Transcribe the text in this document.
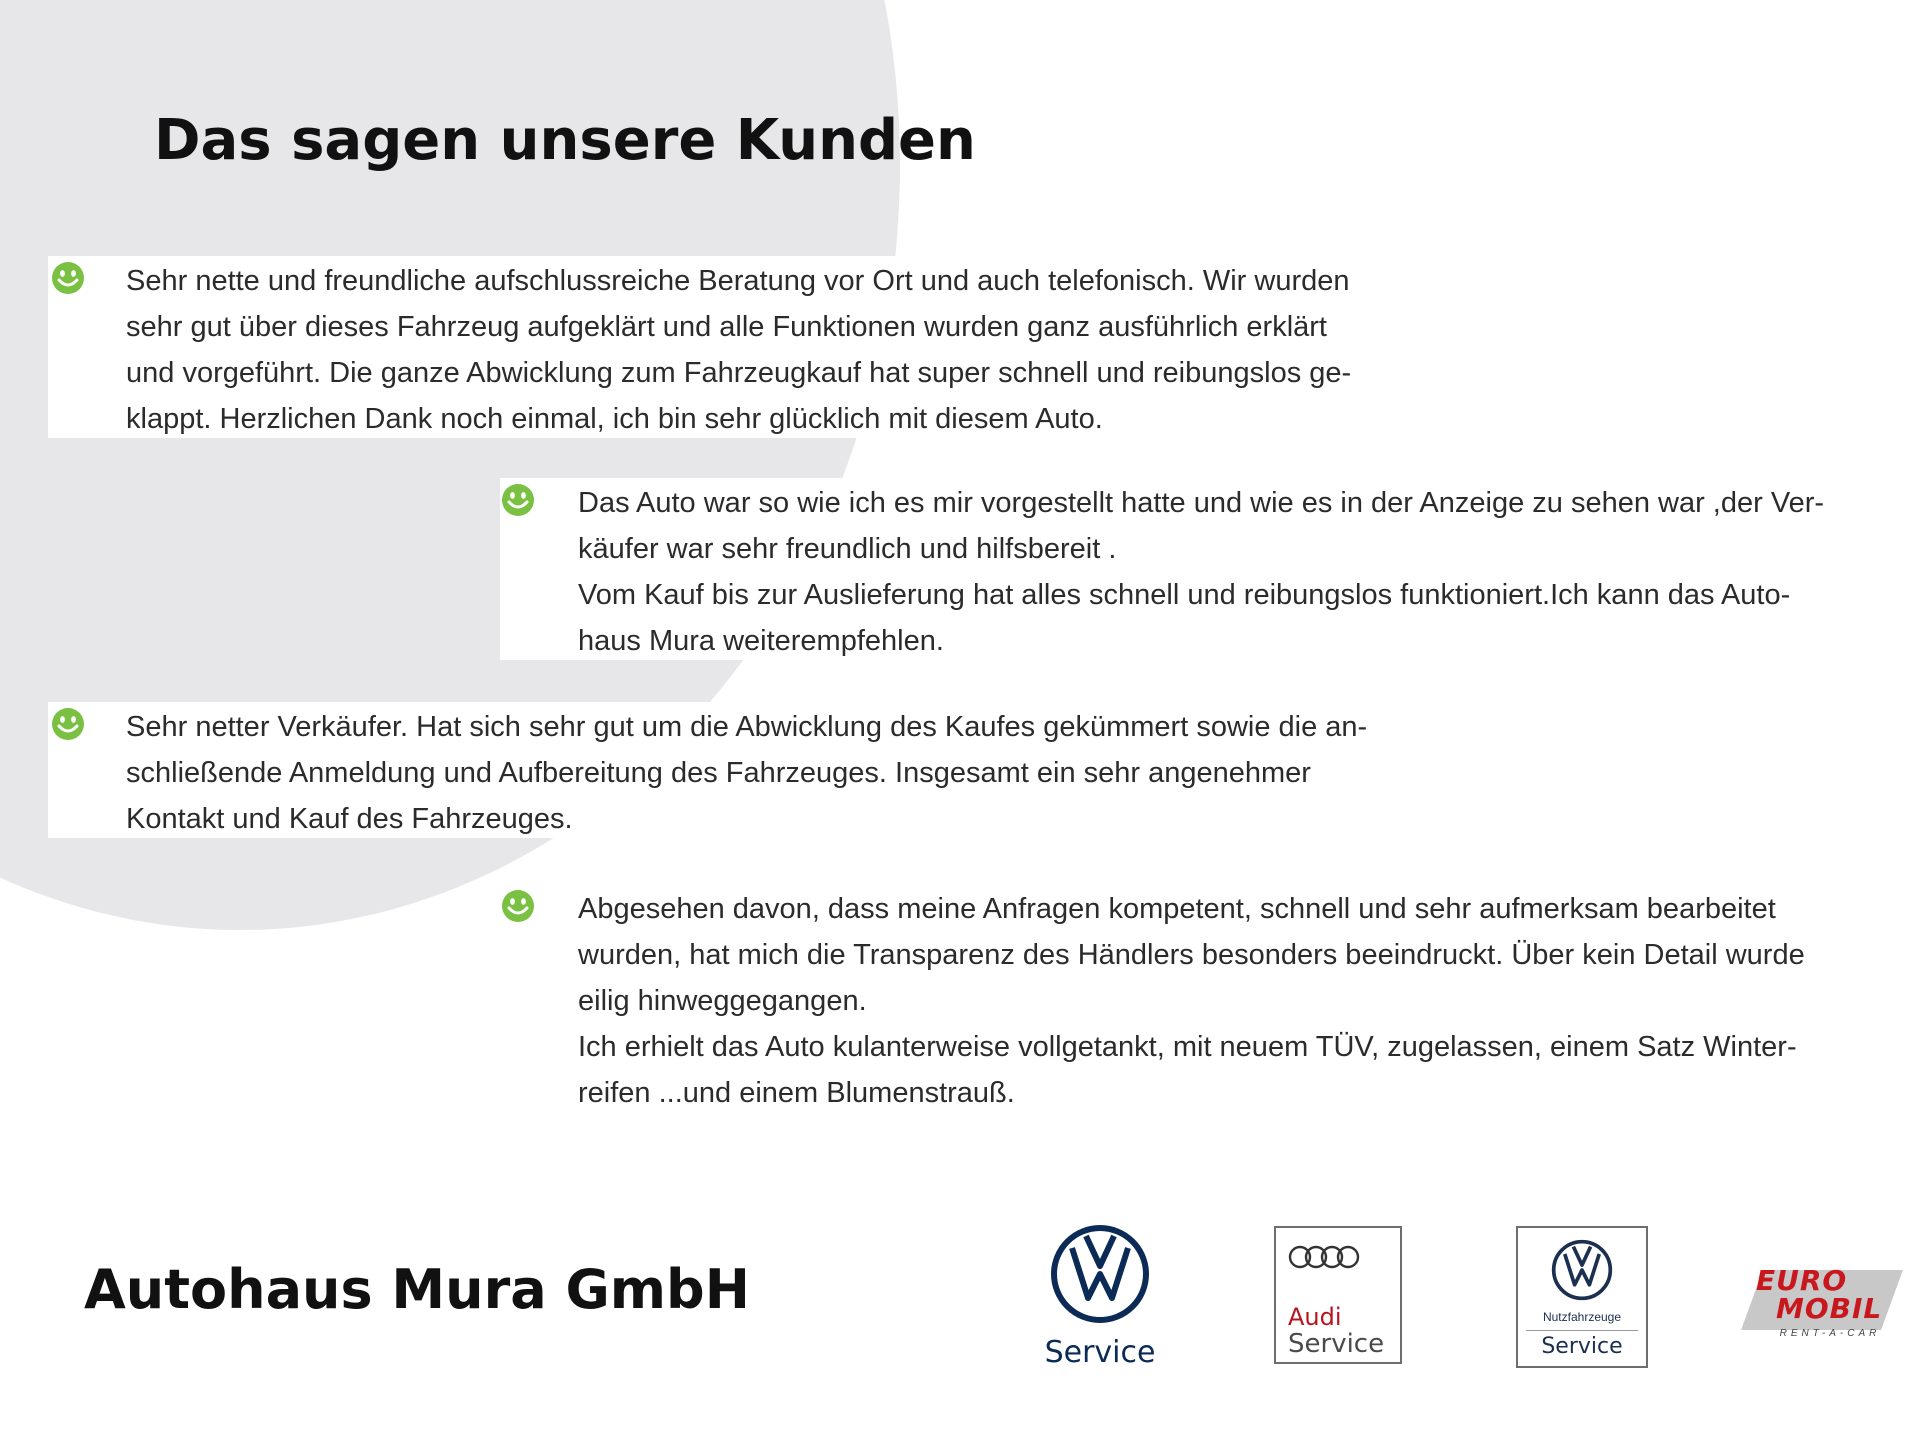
Das sagen unsere Kunden
Sehr nette und freundliche aufschlussreiche Beratung vor Ort und auch telefonisch. Wir wurden
sehr gut über dieses Fahrzeug aufgeklärt und alle Funktionen wurden ganz ausführlich erklärt
und vorgeführt. Die ganze Abwicklung zum Fahrzeugkauf hat super schnell und reibungslos ge-
klappt. Herzlichen Dank noch einmal, ich bin sehr glücklich mit diesem Auto.
Das Auto war so wie ich es mir vorgestellt hatte und wie es in der Anzeige zu sehen war ,der Ver-
käufer war sehr freundlich und hilfsbereit .
Vom Kauf bis zur Auslieferung hat alles schnell und reibungslos funktioniert.Ich kann das Auto-
haus Mura weiterempfehlen.
Sehr netter Verkäufer. Hat sich sehr gut um die Abwicklung des Kaufes gekümmert sowie die an-
schließende Anmeldung und Aufbereitung des Fahrzeuges. Insgesamt ein sehr angenehmer
Kontakt und Kauf des Fahrzeuges.
Abgesehen davon, dass meine Anfragen kompetent, schnell und sehr aufmerksam bearbeitet
wurden, hat mich die Transparenz des Händlers besonders beeindruckt. Über kein Detail wurde
eilig hinweggegangen.
Ich erhielt das Auto kulanterweise vollgetankt, mit neuem TÜV, zugelassen, einem Satz Winter-
reifen ...und einem Blumenstrauß.
Autohaus Mura GmbH
Service
Audi
Service
Nutzfahrzeuge
Service
EURO
MOBIL
RENT-A-CAR
